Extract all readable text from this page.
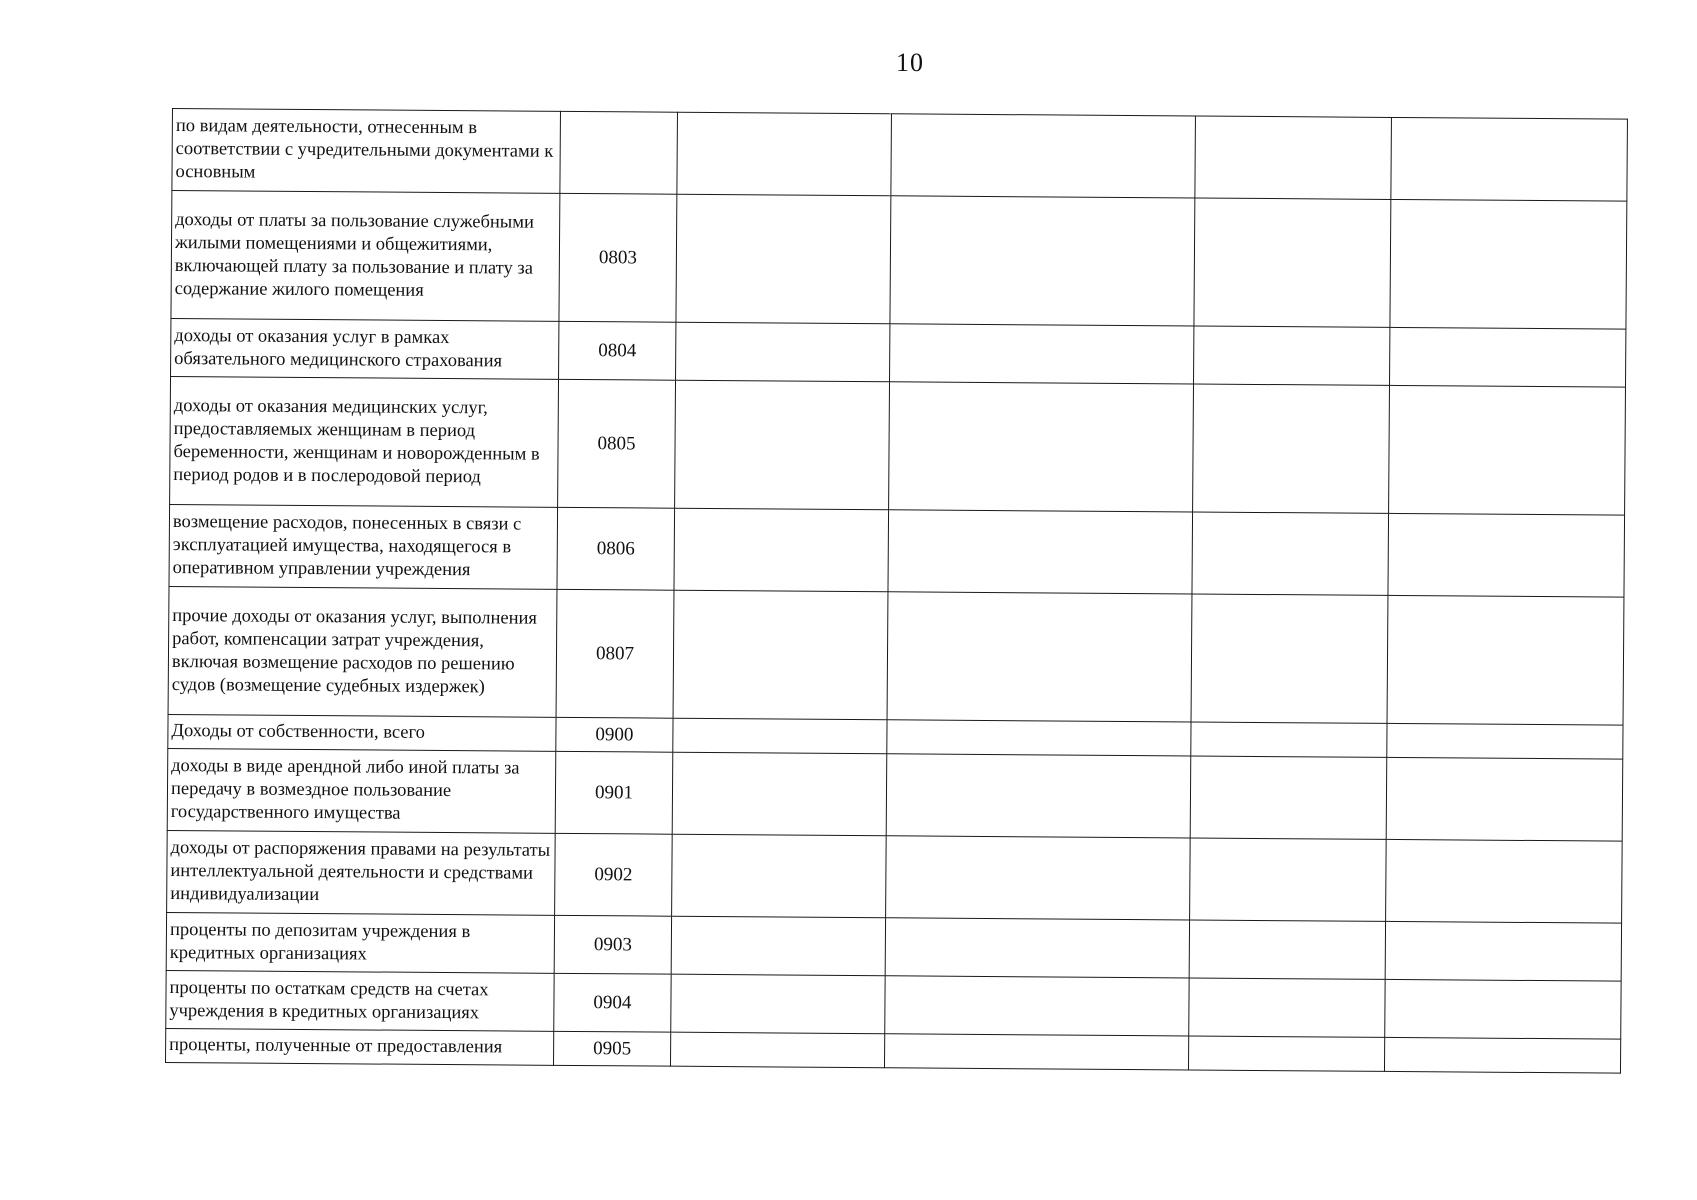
10
по видам деятельности, отнесенным в соответствии с учредительными документами к основным					
доходы от платы за пользование служебными жилыми помещениями и общежитиями, включающей плату за пользование и плату за содержание жилого помещения	0803				
доходы от оказания услуг в рамках обязательного медицинского страхования	0804				
доходы от оказания медицинских услуг, предоставляемых женщинам в период беременности, женщинам и новорожденным в период родов и в послеродовой период	0805				
возмещение расходов, понесенных в связи с эксплуатацией имущества, находящегося в оперативном управлении учреждения	0806				
прочие доходы от оказания услуг, выполнения работ, компенсации затрат учреждения, включая возмещение расходов по решению судов (возмещение судебных издержек)	0807				
Доходы от собственности, всего	0900				
доходы в виде арендной либо иной платы за передачу в возмездное пользование государственного имущества	0901				
доходы от распоряжения правами на результаты интеллектуальной деятельности и средствами индивидуализации	0902				
проценты по депозитам учреждения в кредитных организациях	0903				
проценты по остаткам средств на счетах учреждения в кредитных организациях	0904				
проценты, полученные от предоставления	0905				
